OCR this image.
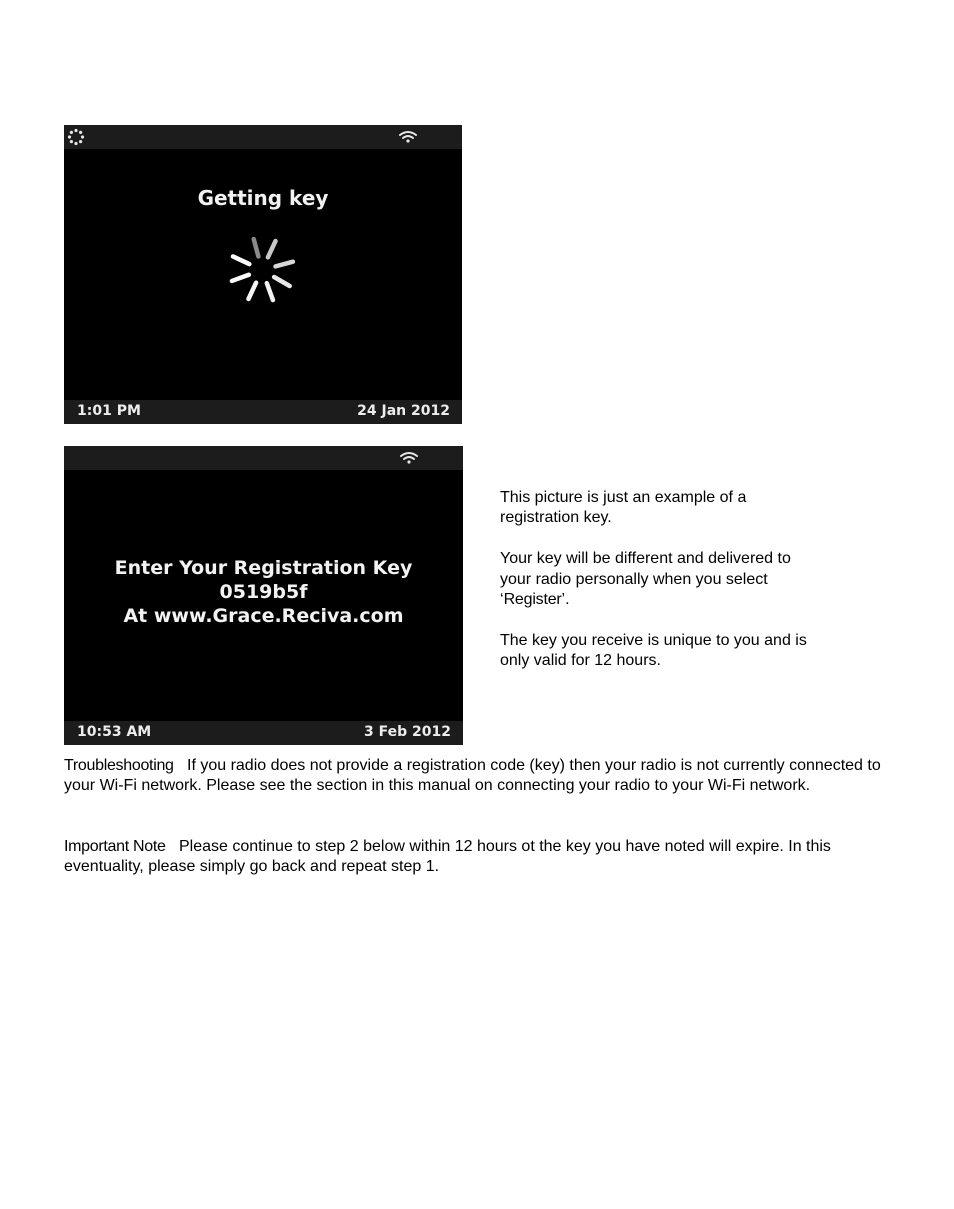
Getting key
1:01 PM	24 Jan 2012
Enter Your Registration Key
0519b5f
At www.Grace.Reciva.com
10:53 AM	3 Feb 2012

This picture is just an example of a registration key.

Your key will be different and delivered to your radio personally when you select ‘Register’.

The key you receive is unique to you and is only valid for 12 hours.

Troubleshooting If you radio does not provide a registration code (key) then your radio is not currently connected to your Wi-Fi network. Please see the section in this manual on connecting your radio to your Wi-Fi network.
Important Note Please continue to step 2 below within 12 hours ot the key you have noted will expire. In this eventuality, please simply go back and repeat step 1.
